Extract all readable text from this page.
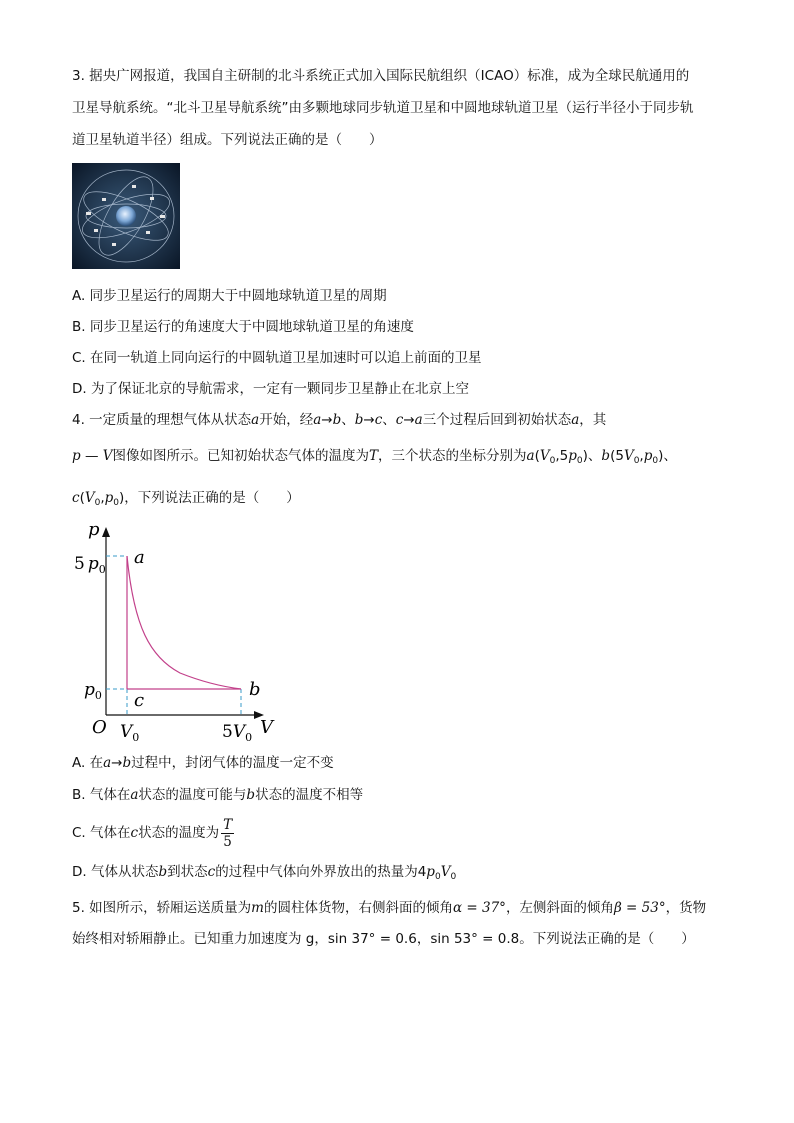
3. 据央广网报道，我国自主研制的北斗系统正式加入国际民航组织（ICAO）标准，成为全球民航通用的
卫星导航系统。“北斗卫星导航系统”由多颗地球同步轨道卫星和中圆地球轨道卫星（运行半径小于同步轨
道卫星轨道半径）组成。下列说法正确的是（　　）
A. 同步卫星运行的周期大于中圆地球轨道卫星的周期
B. 同步卫星运行的角速度大于中圆地球轨道卫星的角速度
C. 在同一轨道上同向运行的中圆轨道卫星加速时可以追上前面的卫星
D. 为了保证北京的导航需求，一定有一颗同步卫星静止在北京上空
4. 一定质量的理想气体从状态a开始，经a→b、b→c、c→a三个过程后回到初始状态a，其
p — V图像如图所示。已知初始状态气体的温度为T，三个状态的坐标分别为$a(V_0,5p_0)$、$b(5V_0,p_0)$、
$c(V_0,p_0)$，下列说法正确的是（　　）
p
5 $p_0$
$p_0$
O $V_0$	$5V_0$ V
a
b
c
A. 在a→b过程中，封闭气体的温度一定不变
B. 气体在a状态的温度可能与b状态的温度不相等
C. 气体在c状态的温度为 $\frac{T}{5}$
D. 气体从状态b到状态c的过程中气体向外界放出的热量为$4p_0V_0$
5. 如图所示，轿厢运送质量为m的圆柱体货物，右侧斜面的倾角α = 37°，左侧斜面的倾角β = 53°，货物
始终相对轿厢静止。已知重力加速度为 g，sin 37° = 0.6，sin 53° = 0.8。下列说法正确的是（　　）
